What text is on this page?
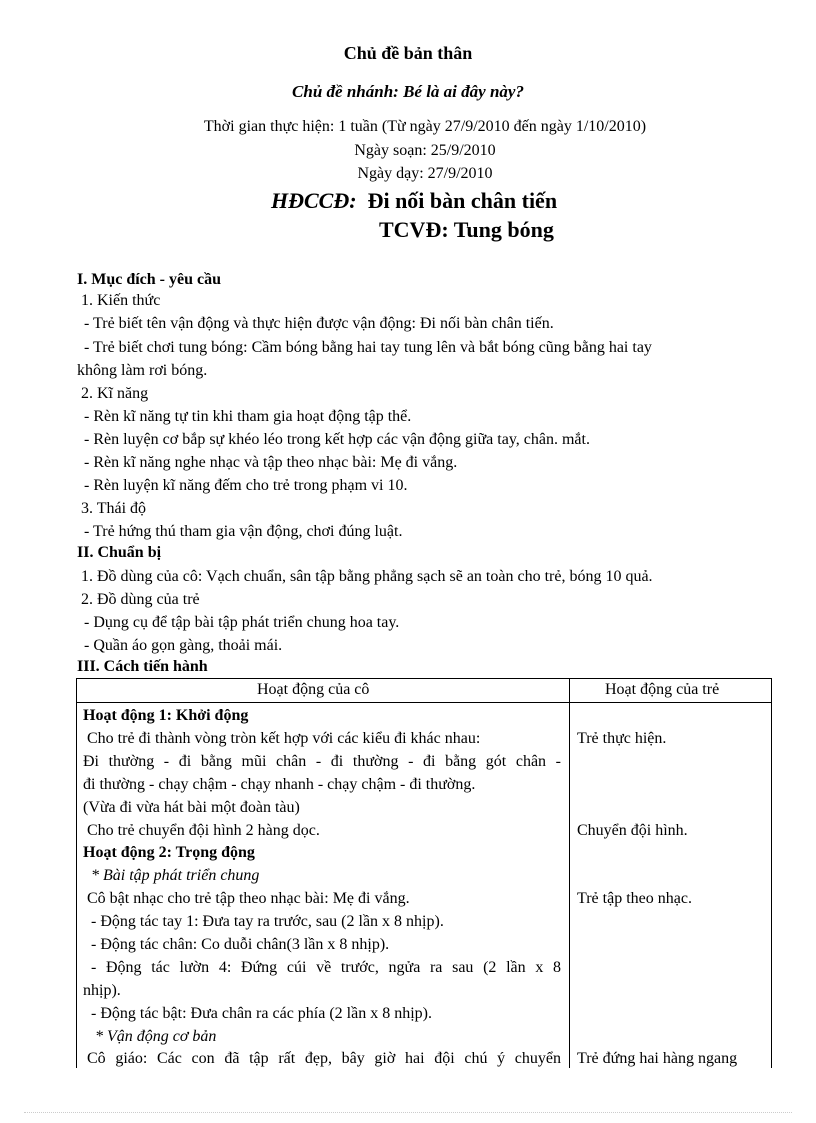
Chủ đề bản thân
Chủ đề nhánh: Bé là ai đây này?
Thời gian thực hiện: 1 tuần (Từ ngày 27/9/2010 đến ngày 1/10/2010)
Ngày soạn: 25/9/2010
Ngày dạy: 27/9/2010
HĐCCĐ: Đi nối bàn chân tiến
TCVĐ: Tung bóng
I. Mục đích - yêu cầu
1. Kiến thức
- Trẻ biết tên vận động và thực hiện được vận động: Đi nối bàn chân tiến.
- Trẻ biết chơi tung bóng: Cầm bóng bằng hai tay tung lên và bắt bóng cũng bằng hai tay
không làm rơi bóng.
2. Kĩ năng
- Rèn kĩ năng tự tin khi tham gia hoạt động tập thể.
- Rèn luyện cơ bắp sự khéo léo trong kết hợp các vận động giữa tay, chân. mắt.
- Rèn kĩ năng nghe nhạc và tập theo nhạc bài: Mẹ đi vắng.
- Rèn luyện kĩ năng đếm cho trẻ trong phạm vi 10.
3. Thái độ
- Trẻ hứng thú tham gia vận động, chơi đúng luật.
II. Chuẩn bị
1. Đồ dùng của cô: Vạch chuẩn, sân tập bằng phẳng sạch sẽ an toàn cho trẻ, bóng 10 quả.
2. Đồ dùng của trẻ
- Dụng cụ để tập bài tập phát triển chung hoa tay.
- Quần áo gọn gàng, thoải mái.
III. Cách tiến hành
Hoạt động của cô	Hoạt động của trẻ
Hoạt động 1: Khởi động
Cho trẻ đi thành vòng tròn kết hợp với các kiểu đi khác nhau:
Đi thường - đi bằng mũi chân - đi thường - đi bằng gót chân -
đi thường - chạy chậm - chạy nhanh - chạy chậm - đi thường.
(Vừa đi vừa hát bài một đoàn tàu)
Cho trẻ chuyển đội hình 2 hàng dọc.
Hoạt động 2: Trọng động
* Bài tập phát triển chung
Cô bật nhạc cho trẻ tập theo nhạc bài: Mẹ đi vắng.
- Động tác tay 1: Đưa tay ra trước, sau (2 lần x 8 nhịp).
- Động tác chân: Co duỗi chân(3 lần x 8 nhịp).
- Động tác lườn 4: Đứng cúi về trước, ngửa ra sau (2 lần x 8
nhịp).
- Động tác bật: Đưa chân ra các phía (2 lần x 8 nhịp).
* Vận động cơ bản
Cô giáo: Các con đã tập rất đẹp, bây giờ hai đội chú ý chuyển
Trẻ thực hiện.
Chuyển đội hình.
Trẻ tập theo nhạc.
Trẻ đứng hai hàng ngang
